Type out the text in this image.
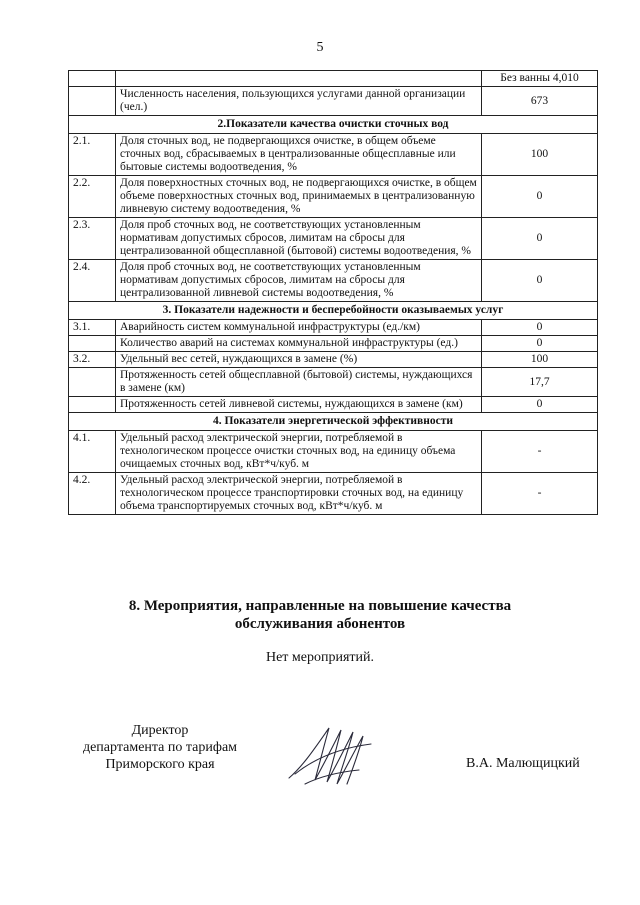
5
		Без ванны 4,010
	Численность населения, пользующихся услугами данной организации (чел.)	673
2.Показатели качества очистки сточных вод		
2.1.	Доля сточных вод, не подвергающихся очистке, в общем объеме сточных вод, сбрасываемых в централизованные общесплавные или бытовые системы водоотведения, %	100
2.2.	Доля поверхностных сточных вод, не подвергающихся очистке, в общем объеме поверхностных сточных вод, принимаемых в централизованную ливневую систему водоотведения, %	0
2.3.	Доля проб сточных вод, не соответствующих установленным нормативам допустимых сбросов, лимитам на сбросы для централизованной общесплавной (бытовой) системы водоотведения, %	0
2.4.	Доля проб сточных вод, не соответствующих установленным нормативам допустимых сбросов, лимитам на сбросы для централизованной ливневой системы водоотведения, %	0
3. Показатели надежности и бесперебойности оказываемых услуг		
3.1.	Аварийность систем коммунальной инфраструктуры (ед./км)	0
	Количество аварий на системах коммунальной инфраструктуры (ед.)	0
3.2.	Удельный вес сетей, нуждающихся в замене (%)	100
	Протяженность сетей общесплавной (бытовой) системы, нуждающихся в замене (км)	17,7
	Протяженность сетей ливневой системы, нуждающихся в замене (км)	0
4. Показатели энергетической эффективности		
4.1.	Удельный расход электрической энергии, потребляемой в технологическом процессе очистки сточных вод, на единицу объема очищаемых сточных вод, кВт*ч/куб. м	-
4.2.	Удельный расход электрической энергии, потребляемой в технологическом процессе транспортировки сточных вод, на единицу объема транспортируемых сточных вод, кВт*ч/куб. м	-
8. Мероприятия, направленные на повышение качества
обслуживания абонентов
Нет мероприятий.
Директор
департамента по тарифам
Приморского края	В.А. Малющицкий
